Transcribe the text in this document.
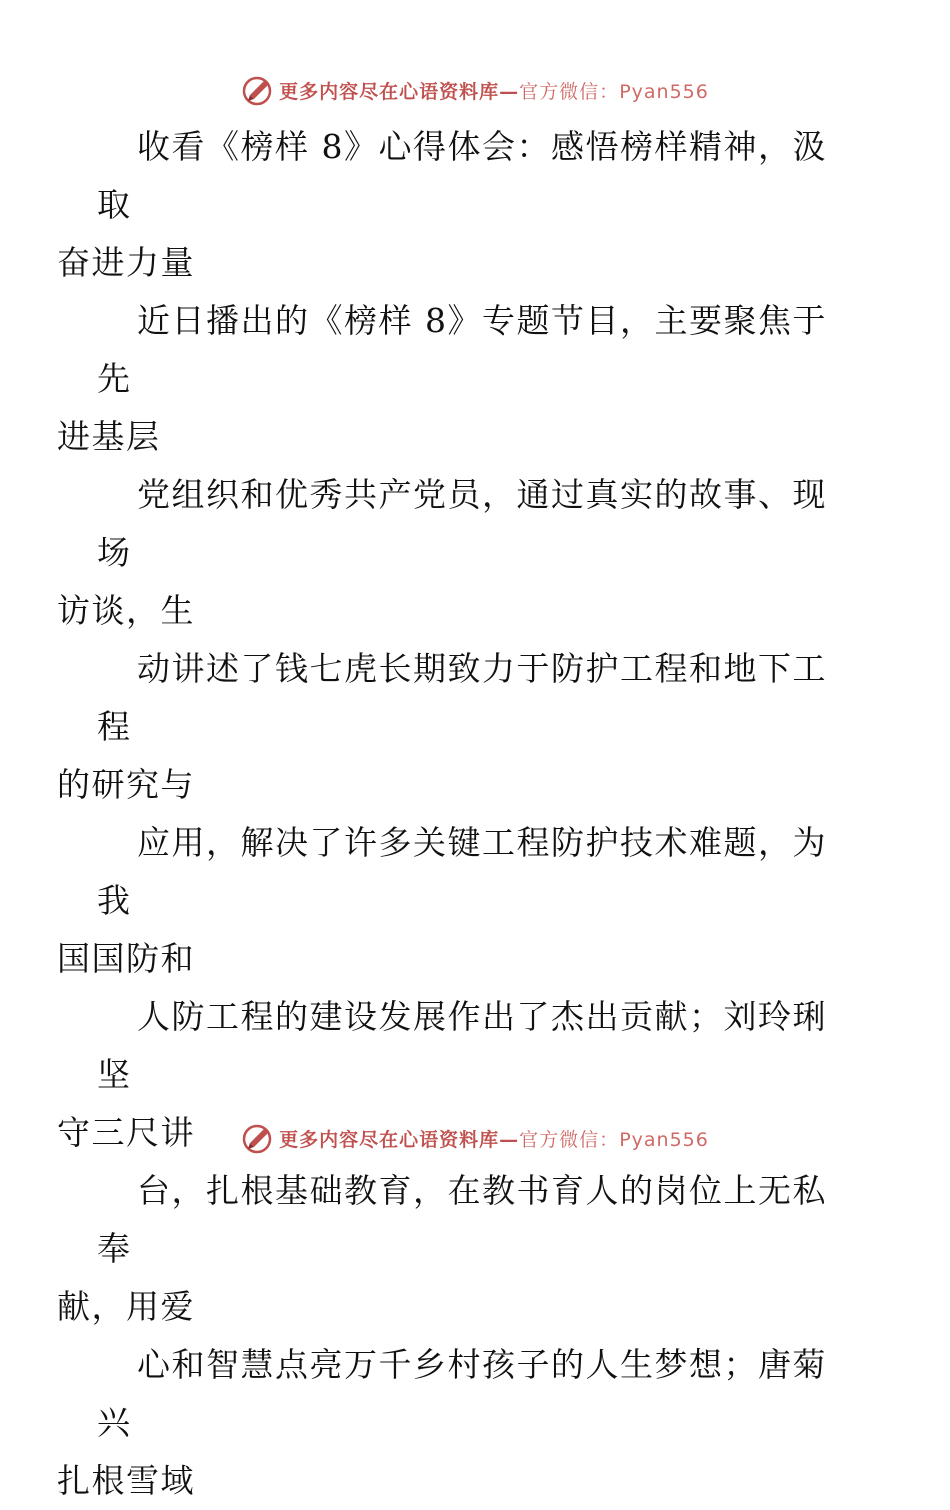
更多内容尽在心语资料库—官方微信：Pyan556

收看《榜样 8》心得体会：感悟榜样精神，汲取
奋进力量

近日播出的《榜样 8》专题节目，主要聚焦于先
进基层

党组织和优秀共产党员，通过真实的故事、现场
访谈，生

动讲述了钱七虎长期致力于防护工程和地下工程
的研究与

应用，解决了许多关键工程防护技术难题，为我
国国防和

人防工程的建设发展作出了杰出贡献；刘玲琍坚
守三尺讲

台，扎根基础教育，在教书育人的岗位上无私奉
献，用爱

心和智慧点亮万千乡村孩子的人生梦想；唐菊兴
扎根雪域

更多内容尽在心语资料库—官方微信：Pyan556
